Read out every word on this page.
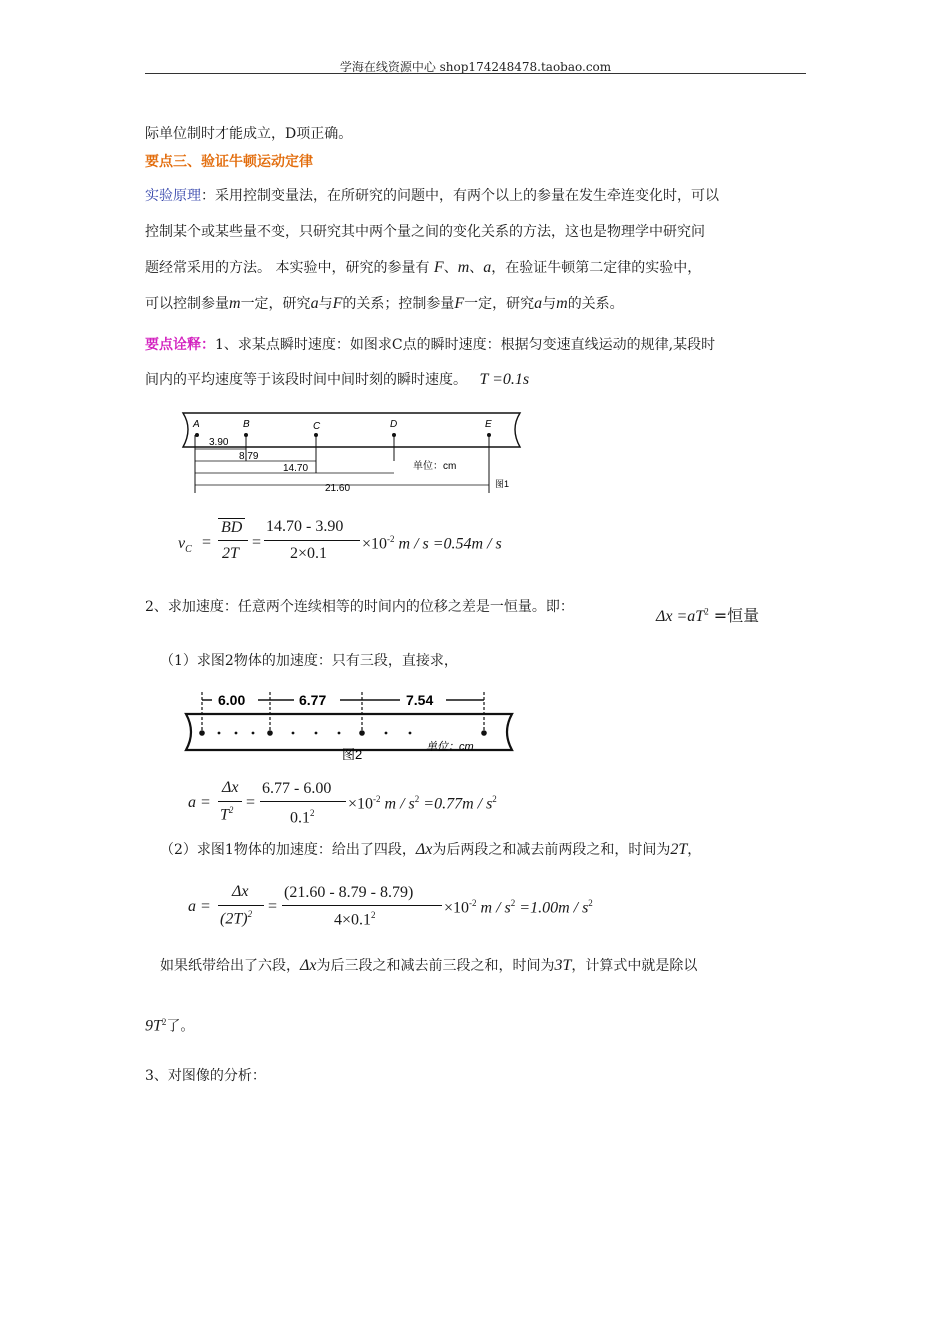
学海在线资源中心 shop174248478.taobao.com
际单位制时才能成立，D项正确。
要点三、验证牛顿运动定律
实验原理：采用控制变量法，在所研究的问题中，有两个以上的参量在发生牵连变化时，可以
控制某个或某些量不变，只研究其中两个量之间的变化关系的方法，这也是物理学中研究问
题经常采用的方法。 本实验中，研究的参量有 F、m、a，在验证牛顿第二定律的实验中，
可以控制参量m一定，研究a与F的关系；控制参量F一定，研究a与m的关系。
要点诠释：1、求某点瞬时速度：如图求C点的瞬时速度：根据匀变速直线运动的规律,某段时
间内的平均速度等于该段时间中间时刻的瞬时速度。 T =0.1s
A	B	C	D	E
3.90
8.79
14.70
21.60
单位：cm
图1
$v_C$ =
BD
2T
=
14.70 - 3.90
2×0.1
$\times 10^{-2}$ m / s =0.54m / s
2、求加速度：任意两个连续相等的时间内的位移之差是一恒量。即：
$\Delta x =aT^2$ =恒量
（1）求图2物体的加速度：只有三段，直接求，
6.00	6.77	7.54
单位：cm
图2
a =
Δx
$T^2$ =
6.77 - 6.00
$0.1^2$
$\times 10^{-2}$ $m / s^2 =0.77m / s^2$
（2）求图1物体的加速度：给出了四段，Δx为后两段之和减去前两段之和，时间为2T，
a =
Δx
$(2T)^2$ =
(21.60 - 8.79 - 8.79)
$4\times 0.1^2$	$\times 10^{-2}$ $m / s^2 =1.00m / s^2$
如果纸带给出了六段，Δx为后三段之和减去前三段之和，时间为3T，计算式中就是除以
$9T^2$了。
3、对图像的分析：
